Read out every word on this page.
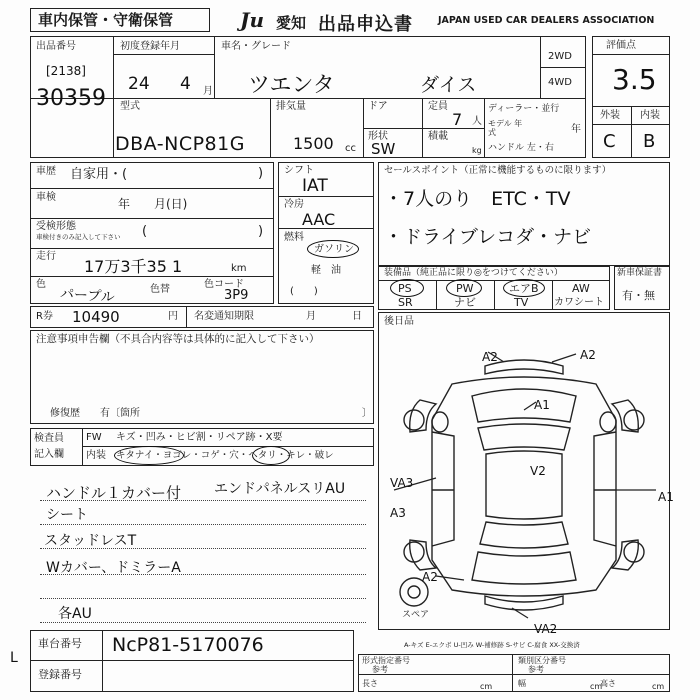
車内保管・守衛保管	Ju 愛知 出品申込書	JAPAN USED CAR DEALERS ASSOCIATION
出品番号
[2138]
30359
初度登録年月
24 4 月
車名・グレード
ツエンタ	ダイス
2WD
4WD
型式
DBA-NCP81G
排気量
1500 cc
ドア
形状
SW
定員
7 人
積載
kg
ディーラー・並行
モデル 年式	年
ハンドル 左・右
評価点
3.5
外装 内装
C B
車歴 自家用・(	)
車検	年　　月(日)
受検形態
車検付きのみ記入して下さい (	)
走行
17万3千35 1	km
色
パープル	色替	色コード
3P9
シフト
IAT
冷房
AAC
燃料
ガソリン
軽　油
(　　)
セールスポイント（正常に機能するものに限ります）
・7人のり　ETC・TV
・ドライブレコダ・ナビ
装備品（純正品に限り◎をつけてください）
PS	PW	エアB	AW
SR	ナビ	TV	カワシート
新車保証書
有・無
R券 10490	円 名変通知期限	月	日
注意事項申告欄（不具合内容等は具体的に記入して下さい）
修復歴　　有〔箇所	〕
後日品
検査員
記入欄
FW キズ・凹み・ヒビ割・リペア跡・X要
内装 キタナイ・ヨゴレ・コゲ・穴・ヘタリ・キレ・破レ
ハンドル１カバー付 エンドパネルスリAU
シート
スタッドレスT
Wカバー、ドミラーA
各AU
A2	A2
A1
V2
VA3
A3
A1
A2
VA2
スペア
A-キズ E-エクボ U-凹み W-補修跡 S-サビ C-腐食 XX-交換済
車台番号 NcP81-5170076
登録番号
L	形式指定番号
参考
類別区分番号
参考
長さ	cm	幅	cm
高さ	cm
